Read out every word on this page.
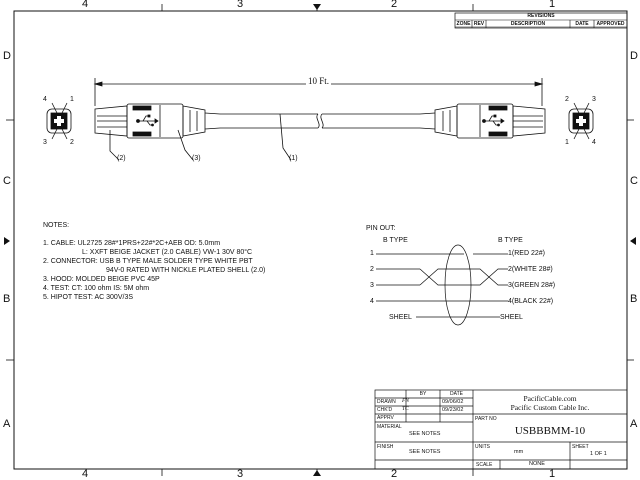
4	3	2	1
4	3	2	1
D
C
B
A
D
C
B
A
REVISIONS
ZONE REV	DESCRIPTION	DATE	APPROVED
10 Ft.
(2)	(3)	(1)
4	1
3	2
2	3
1	4
NOTES:
1. CABLE: UL2725 28#*1PRS+22#*2C+AEB OD: 5.0mm
L: XXFT BEIGE JACKET (2.0 CABLE) VW-1 30V 80°C
2. CONNECTOR: USB B TYPE MALE SOLDER TYPE WHITE PBT
94V-0 RATED WITH NICKLE PLATED SHELL (2.0)
3. HOOD: MOLDED BEIGE PVC 45P
4. TEST: CT: 100 ohm IS: 5M ohm
5. HIPOT TEST: AC 300V/3S
PIN OUT:
B TYPE	B TYPE
1
2
3
4
SHEEL
1(RED 22#)
2(WHITE 28#)
3(GREEN 28#)
4(BLACK 22#)
SHEEL
BY	DATE
DRAWN FN	09/06/02
CHK'D TC	09/23/02
APPRV
MATERIAL
SEE NOTES
FINISH
SEE NOTES
PacificCable.com
Pacific Custom Cable Inc.
PART NO
USBBBMM-10
UNITS
mm
SHEET
1 OF 1
SCALE	NONE
